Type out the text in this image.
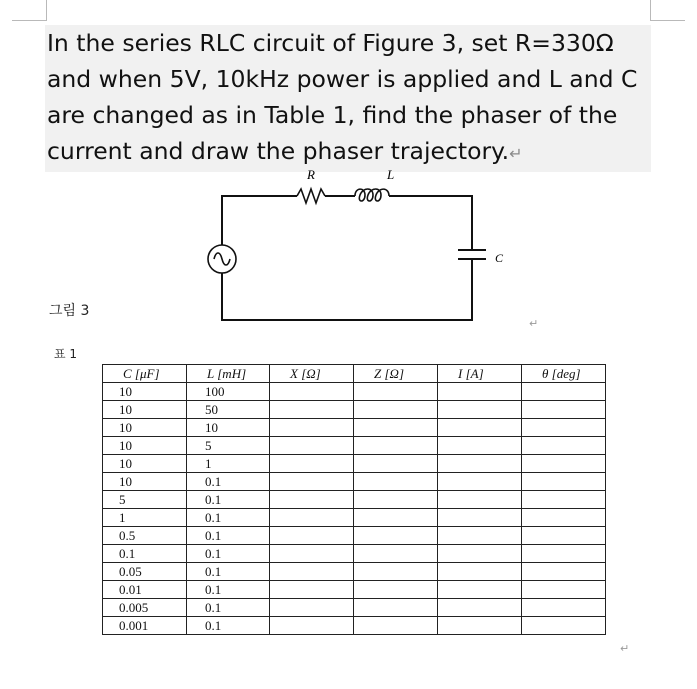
In the series RLC circuit of Figure 3, set R=330Ω
and when 5V, 10kHz power is applied and L and C
are changed as in Table 1, find the phaser of the
current and draw the phaser trajectory.↵
R	L
C
그림 3
↵
표 1
C [μF]	L [mH]	X [Ω]	Z [Ω]	I [A]	θ [deg]
10	100				
10	50				
10	10				
10	5				
10	1				
10	0.1				
5	0.1				
1	0.1				
0.5	0.1				
0.1	0.1				
0.05	0.1				
0.01	0.1				
0.005	0.1				
0.001	0.1				
↵
